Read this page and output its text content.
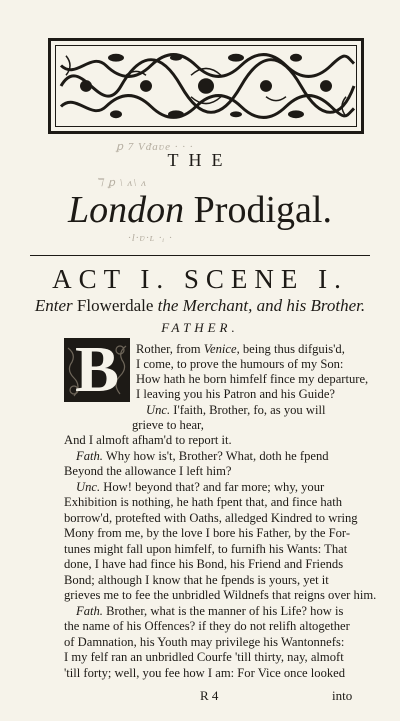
ꝑ 7 Vᵭaʋe · · ·
THE
ℸ ꝑ \ ʌ\ ʌ
London Prodigal.
·Ɩ·ʋ·ʟ ·ᵢ ·
ACT I. SCENE I.
Enter Flowerdale the Merchant, and his Brother.
FATHER.
B	Rother, from Venice, being thus difguis'd,
I come, to prove the humours of my Son:
How hath he born himfelf fince my departure,
I leaving you his Patron and his Guide?
Unc. I'faith, Brother, fo, as you will
grieve to hear,
And I almoft afham'd to report it.
Fath. Why how is't, Brother? What, doth he fpend
Beyond the allowance I left him?
Unc. How! beyond that? and far more; why, your
Exhibition is nothing, he hath fpent that, and fince hath
borrow'd, protefted with Oaths, alledged Kindred to wring
Mony from me, by the love I bore his Father, by the For-
tunes might fall upon himfelf, to furnifh his Wants: That
done, I have had fince his Bond, his Friend and Friends
Bond; although I know that he fpends is yours, yet it
grieves me to fee the unbridled Wildnefs that reigns over him.
Fath. Brother, what is the manner of his Life? how is
the name of his Offences? if they do not relifh altogether
of Damnation, his Youth may privilege his Wantonnefs:
I my felf ran an unbridled Courfe 'till thirty, nay, almoft
'till forty; well, you fee how I am: For Vice once looked
R 4	into
